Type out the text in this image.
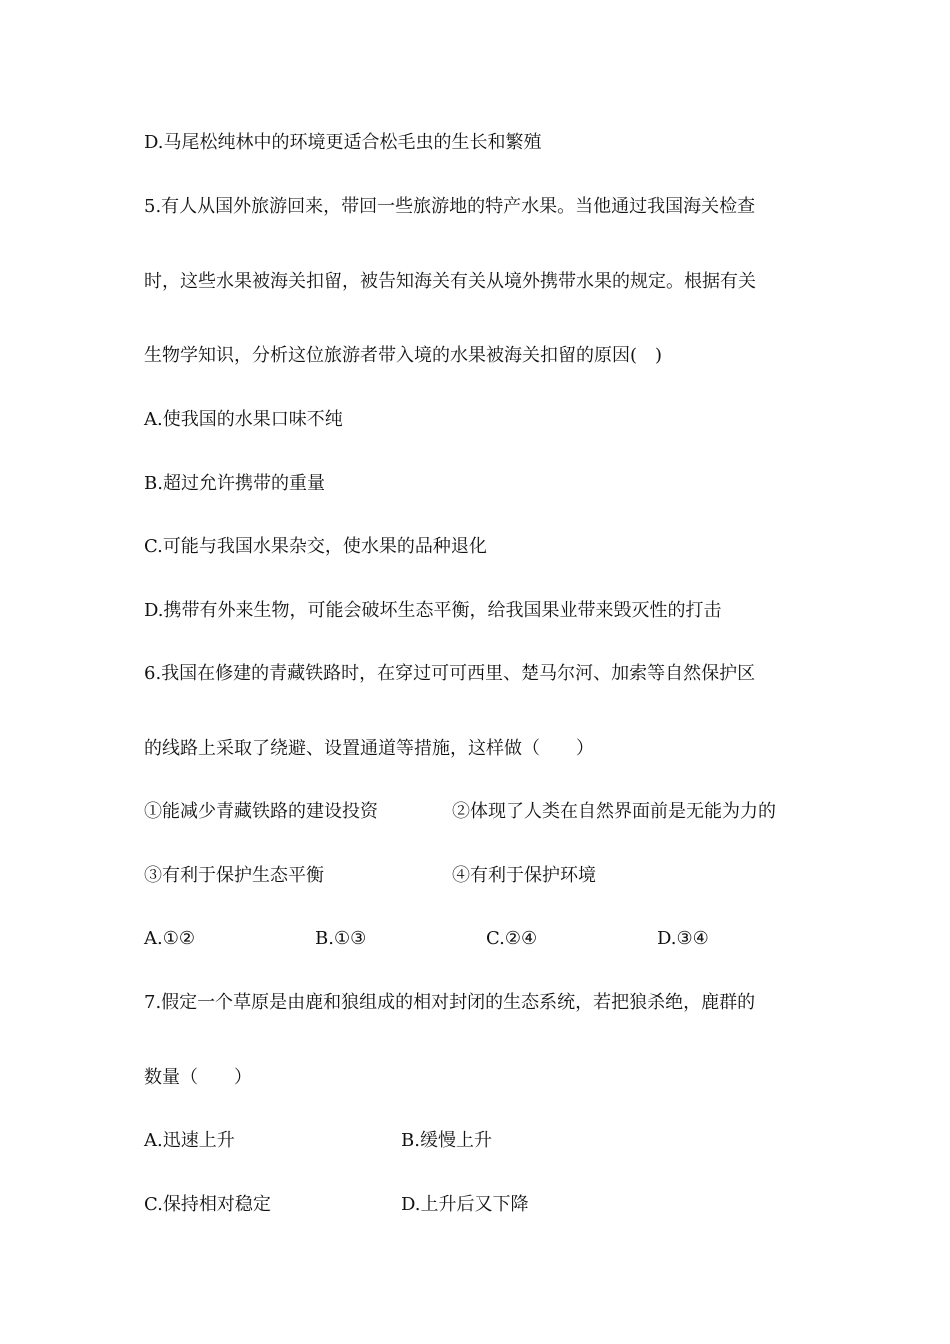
D.马尾松纯林中的环境更适合松毛虫的生长和繁殖
5.有人从国外旅游回来，带回一些旅游地的特产水果。当他通过我国海关检查
时，这些水果被海关扣留，被告知海关有关从境外携带水果的规定。根据有关
生物学知识，分析这位旅游者带入境的水果被海关扣留的原因(　)
A.使我国的水果口味不纯
B.超过允许携带的重量
C.可能与我国水果杂交，使水果的品种退化
D.携带有外来生物，可能会破坏生态平衡，给我国果业带来毁灭性的打击
6.我国在修建的青藏铁路时，在穿过可可西里、楚马尔河、加索等自然保护区
的线路上采取了绕避、设置通道等措施，这样做（　　）
①能减少青藏铁路的建设投资	②体现了人类在自然界面前是无能为力的
③有利于保护生态平衡	④有利于保护环境
A.①②	B.①③	C.②④	D.③④
7.假定一个草原是由鹿和狼组成的相对封闭的生态系统，若把狼杀绝，鹿群的
数量（　　）
A.迅速上升	B.缓慢上升
C.保持相对稳定	D.上升后又下降
